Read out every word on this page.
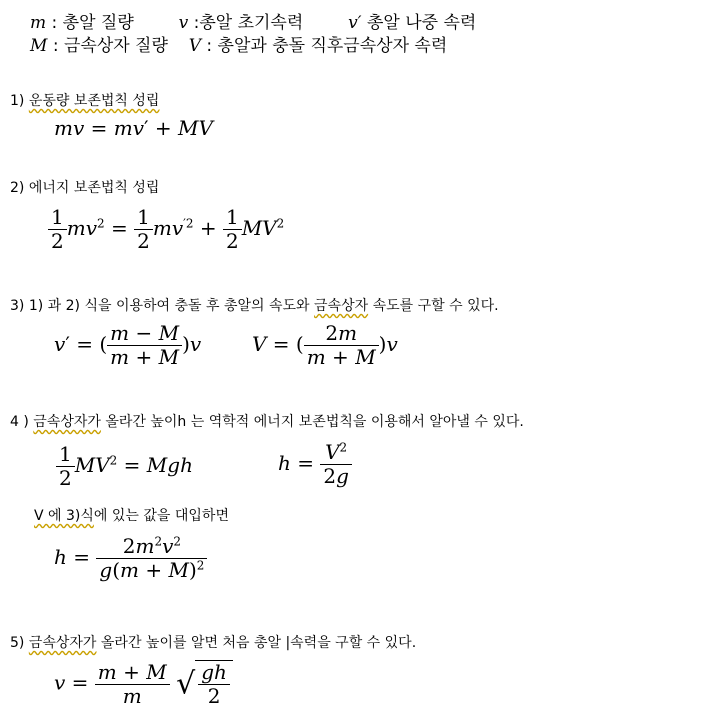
m : 총알 질량	v :총알 초기속력	v′ 총알 나중 속력
M : 금속상자 질량 V : 총알과 충돌 직후금속상자 속력
1) 운동량 보존법칙 성립
mv = mv′ + MV
2) 에너지 보존법칙 성립
$\frac{1}{2} mv^2 = \frac{1}{2} mv^{'2} + \frac{1}{2} MV^2$
3) 1) 과 2) 식을 이용하여 충돌 후 총알의 속도와 금속상자 속도를 구할 수 있다.
v′ = ( $\frac{m - M}{m + M} )v$	V = ( $\frac{2m}{m + M} )v$
4 ) 금속상자가 올라간 높이h 는 역학적 에너지 보존법칙을 이용해서 알아낼 수 있다.
$\frac{1}{2} MV^2$ = Mgh	$h = \frac{V^2}{2g}$
V 에 3)식에 있는 값을 대입하면
$h = \frac{2m^2v^2}{g(m + M)^2}$
5) 금속상자가 올라간 높이를 알면 처음 총알 |속력을 구할 수 있다.
$v = \frac{m + M}{m}$ √ $\frac{gh}{2}$
